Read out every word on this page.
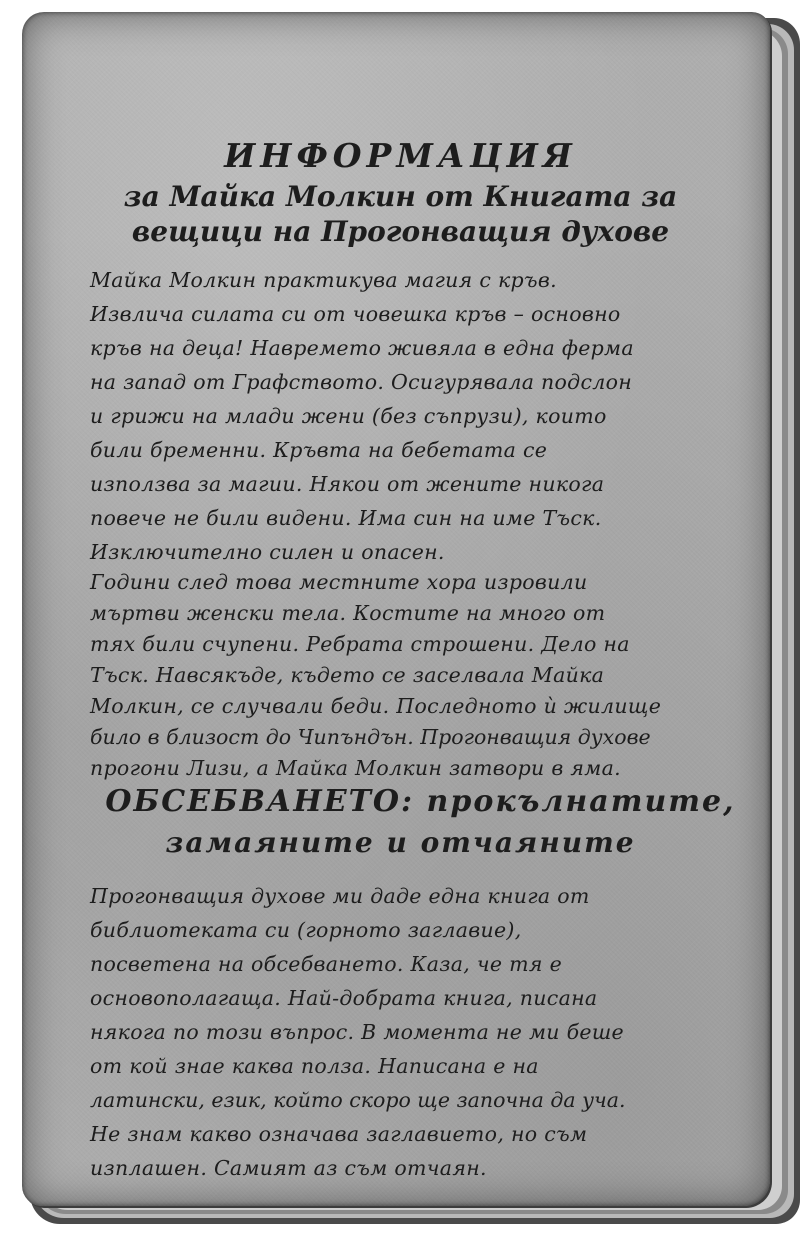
ИНФОРМАЦИЯ

за Майка Молкин от Книгата за

вещици на Прогонващия духове

Майка Молкин практикува магия с кръв.

Извлича силата си от човешка кръв – основно

кръв на деца! Навремето живяла в една ферма

на запад от Графството. Осигурявала подслон

и грижи на млади жени (без съпрузи), които

били бременни. Кръвта на бебетата се

използва за магии. Някои от жените никога

повече не били видени. Има син на име Тъск.

Изключително силен и опасен.

Години след това местните хора изровили

мъртви женски тела. Костите на много от

тях били счупени. Ребрата строшени. Дело на

Тъск. Навсякъде, където се заселвала Майка

Молкин, се случвали беди. Последното ѝ жилище

било в близост до Чипъндън. Прогонващия духове

ОБСЕБВАНЕТО: прокълнатите,

замаяните и отчаяните

Прогонващия духове ми даде една книга от

библиотеката си (горното заглавие),

посветена на обсебването. Каза, че тя е

основополагаща. Най-добрата книга, писана

някога по този въпрос. В момента не ми беше

от кой знае каква полза. Написана е на

латински, език, който скоро ще започна да уча.

Не знам какво означава заглавието, но съм

изплашен. Самият аз съм отчаян.

прогони Лизи, а Майка Молкин затвори в яма.
